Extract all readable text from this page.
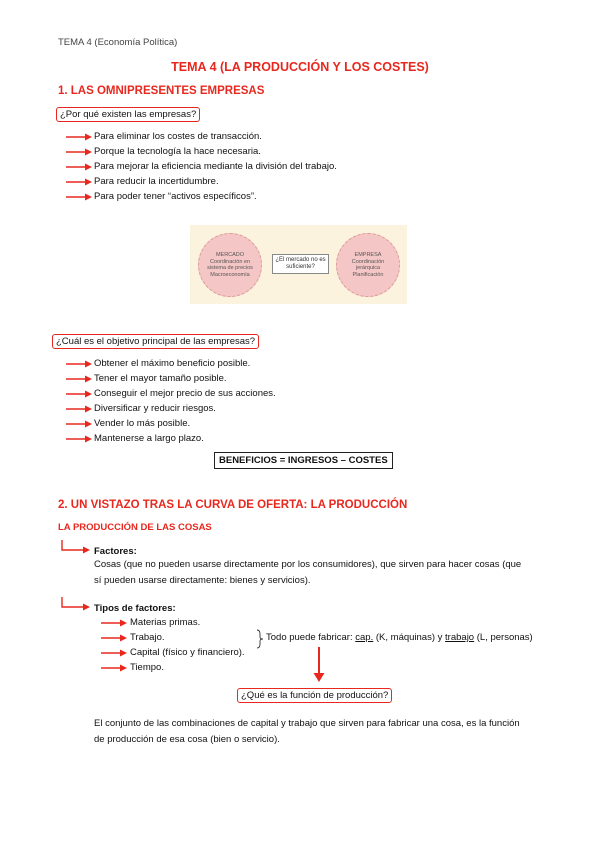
TEMA 4 (Economía Política)
TEMA 4 (LA PRODUCCIÓN Y LOS COSTES)
1. LAS OMNIPRESENTES EMPRESAS
¿Por qué existen las empresas?
Para eliminar los costes de transacción.
Porque la tecnología la hace necesaria.
Para mejorar la eficiencia mediante la división del trabajo.
Para reducir la incertidumbre.
Para poder tener “activos específicos”.
MERCADO Coordinación en sistema de precios Macroeconomía
¿El mercado no es suficiente?
EMPRESA Coordinación jerárquica Planificación
¿Cuál es el objetivo principal de las empresas?
Obtener el máximo beneficio posible.
Tener el mayor tamaño posible.
Conseguir el mejor precio de sus acciones.
Diversificar y reducir riesgos.
Vender lo más posible.
Mantenerse a largo plazo.
BENEFICIOS = INGRESOS – COSTES
2. UN VISTAZO TRAS LA CURVA DE OFERTA: LA PRODUCCIÓN
LA PRODUCCIÓN DE LAS COSAS
Factores:
Cosas (que no pueden usarse directamente por los consumidores), que sirven para hacer cosas (que
sí pueden usarse directamente: bienes y servicios).
Tipos de factores:
Materias primas.
Trabajo.
Capital (físico y financiero).
Tiempo.
Todo puede fabricar: cap. (K, máquinas) y trabajo (L, personas)
¿Qué es la función de producción?
El conjunto de las combinaciones de capital y trabajo que sirven para fabricar una cosa, es la función
de producción de esa cosa (bien o servicio).
